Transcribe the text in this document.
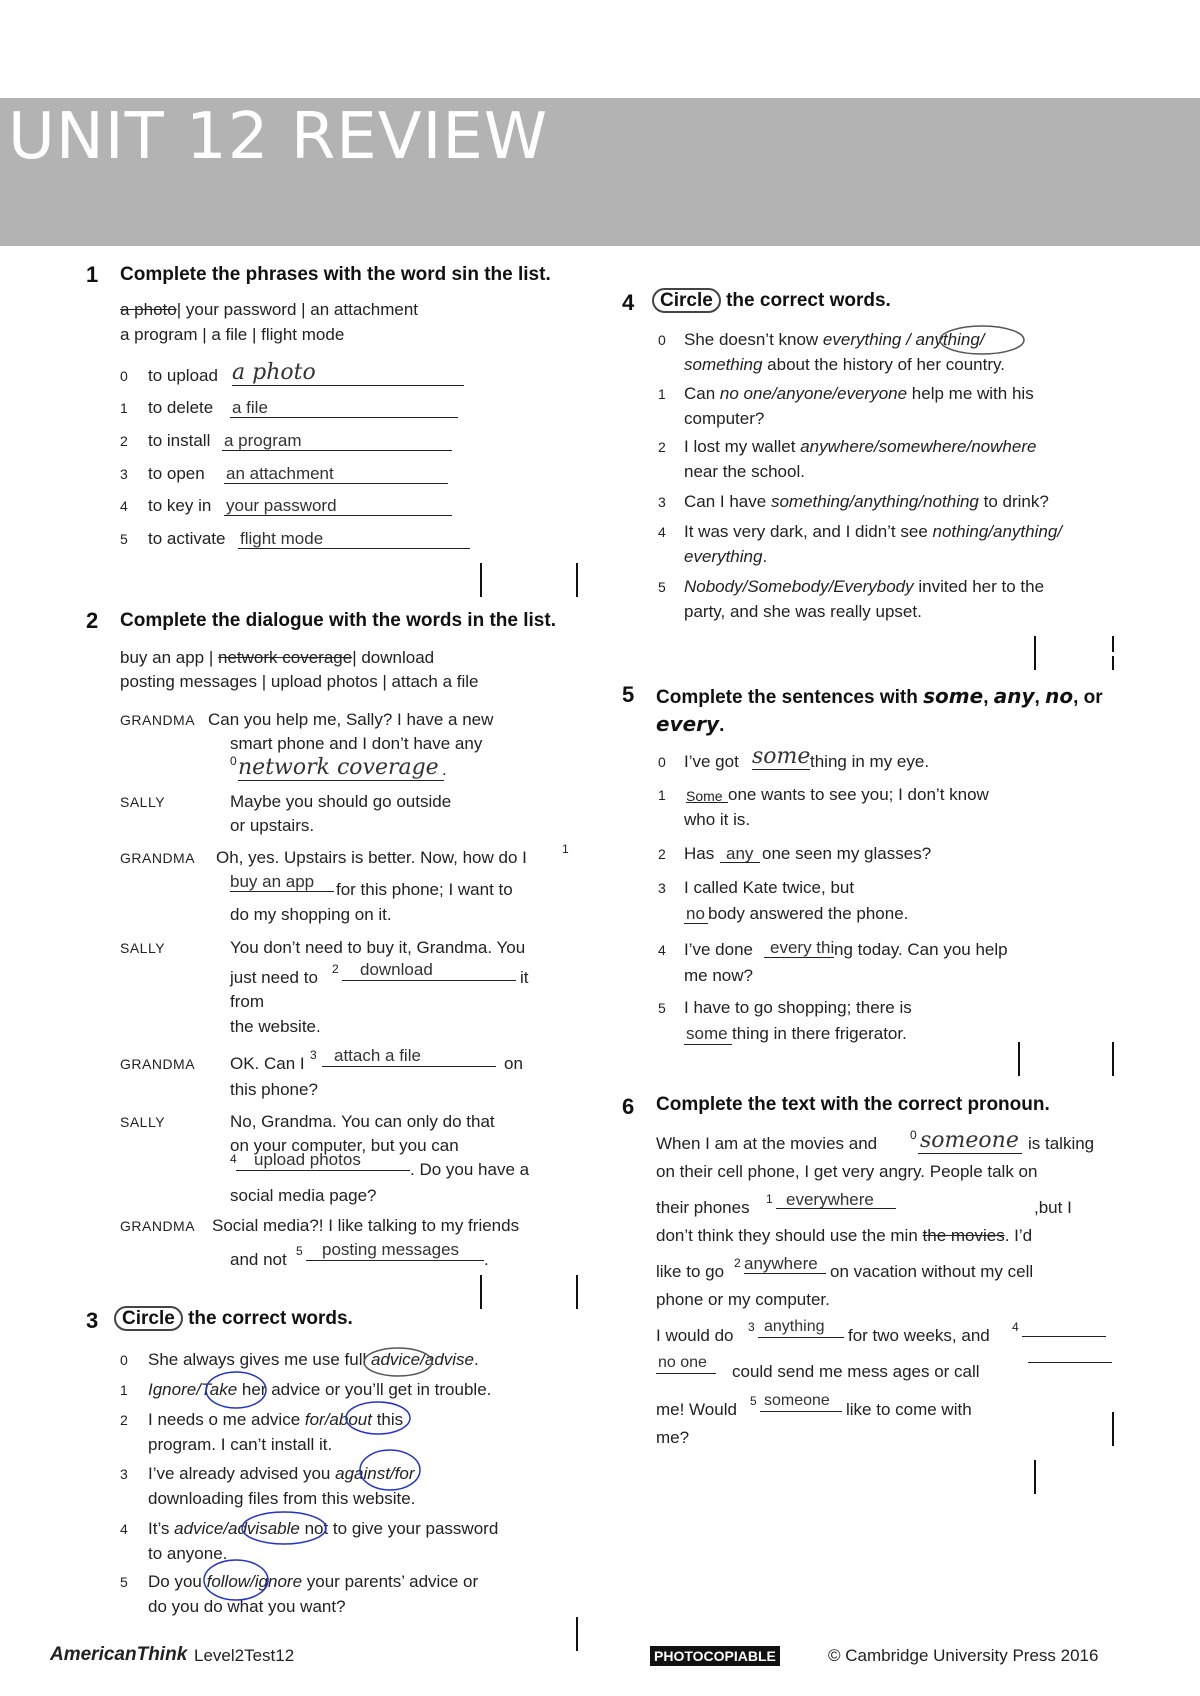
UNIT 12 REVIEW
1 Complete the phrases with the word sin the list.
a photo| your password | an attachment
a program | a file | flight mode
0 to upload a photo
1 to delete a file
2 to install a program
3 to open an attachment
4 to key in your password
5 to activate flight mode
2 Complete the dialogue with the words in the list.
buy an app | network coverage| download
posting messages | upload photos | attach a file
GRANDMA Can you help me, Sally? I have a new
smart phone and I don’t have any
0 network coverage .
SALLY	Maybe you should go outside
or upstairs.
GRANDMA Oh, yes. Upstairs is better. Now, how do I	1
buy an app for this phone; I want to
do my shopping on it.
SALLY	You don’t need to buy it, Grandma. You
just need to 2 download	it
from
the website.
GRANDMA OK. Can I 3 attach a file	on
this phone?
SALLY	No, Grandma. You can only do that
on your computer, but you can
4 upload photos
. Do you have a
social media page?
GRANDMA Social media?! I like talking to my friends
and not 5 posting messages
.
3	Circle the correct words.
0 She always gives me use full advice/advise.
1 Ignore/Take her advice or you’ll get in trouble.
2 I needs o me advice for/about this
program. I can’t install it.
3 I’ve already advised you against/for
downloading files from this website.
4 It’s advice/advisable not to give your password
to anyone.
5 Do you follow/ignore your parents’ advice or
do you do what you want?
4	Circle the correct words.
0 She doesn’t know everything / anything/
something about the history of her country.
1 Can no one/anyone/everyone help me with his
computer?
2 I lost my wallet anywhere/somewhere/nowhere
near the school.
3 Can I have something/anything/nothing to drink?
4 It was very dark, and I didn’t see nothing/anything/
everything.
5 Nobody/Somebody/Everybody invited her to the
party, and she was really upset.
5 Complete the sentences with some, any, no, or
every.
0 I’ve got some thing in my eye.
1 Some one wants to see you; I don’t know
who it is.
2 Has any one seen my glasses?
3 I called Kate twice, but
no body answered the phone.
4 I’ve done every thi ng today. Can you help
me now?
5 I have to go shopping; there is
some thing in there frigerator.
6 Complete the text with the correct pronoun.
When I am at the movies and	0 someone is talking
on their cell phone, I get very angry. People talk on
their phones 1 everywhere	,but I
don’t think they should use the min the movies. I’d
like to go 2 anywhere on vacation without my cell
phone or my computer.
I would do 3 anything for two weeks, and 4
no one could send me mess ages or call
me! Would 5 someone like to come with
me?
AmericanThink Level2Test12	PHOTOCOPIABLE	© Cambridge University Press 2016
